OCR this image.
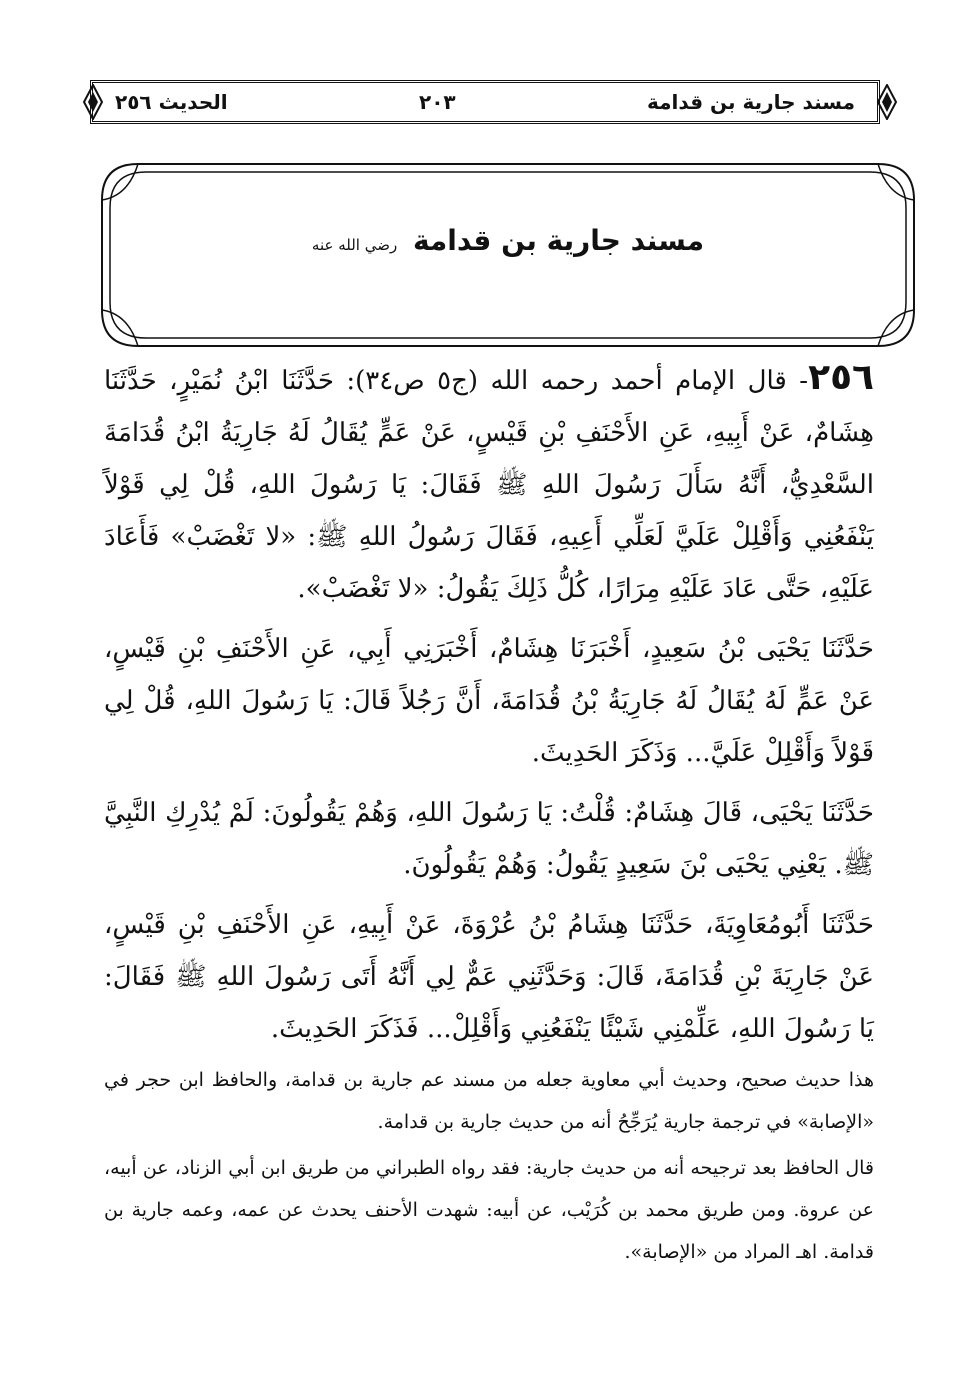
مسند جارية بن قدامة
٢٠٣
الحديث ٢٥٦
مسند جارية بن قدامة رضي الله عنه

٢٥٦- قال الإمام أحمد رحمه الله (ج٥ ص٣٤): حَدَّثَنَا ابْنُ نُمَيْرٍ، حَدَّثَنَا هِشَامٌ، عَنْ أَبِيهِ، عَنِ الأَحْنَفِ بْنِ قَيْسٍ، عَنْ عَمٍّ يُقَالُ لَهُ جَارِيَةُ ابْنُ قُدَامَةَ السَّعْدِيُّ، أَنَّهُ سَأَلَ رَسُولَ اللهِ ﷺ فَقَالَ: يَا رَسُولَ اللهِ، قُلْ لِي قَوْلاً يَنْفَعُنِي وَأَقْلِلْ عَلَيَّ لَعَلِّي أَعِيهِ، فَقَالَ رَسُولُ اللهِ ﷺ: «لا تَغْضَبْ» فَأَعَادَ عَلَيْهِ، حَتَّى عَادَ عَلَيْهِ مِرَارًا، كُلُّ ذَلِكَ يَقُولُ: «لا تَغْضَبْ».

حَدَّثَنَا يَحْيَى بْنُ سَعِيدٍ، أَخْبَرَنَا هِشَامٌ، أَخْبَرَنِي أَبِي، عَنِ الأَحْنَفِ بْنِ قَيْسٍ، عَنْ عَمٍّ لَهُ يُقَالُ لَهُ جَارِيَةُ بْنُ قُدَامَةَ، أَنَّ رَجُلاً قَالَ: يَا رَسُولَ اللهِ، قُلْ لِي قَوْلاً وَأَقْلِلْ عَلَيَّ... وَذَكَرَ الحَدِيثَ.

حَدَّثَنَا يَحْيَى، قَالَ هِشَامٌ: قُلْتُ: يَا رَسُولَ اللهِ، وَهُمْ يَقُولُونَ: لَمْ يُدْرِكِ النَّبِيَّ ﷺ. يَعْنِي يَحْيَى بْنَ سَعِيدٍ يَقُولُ: وَهُمْ يَقُولُونَ.

حَدَّثَنَا أَبُومُعَاوِيَةَ، حَدَّثَنَا هِشَامُ بْنُ عُرْوَةَ، عَنْ أَبِيهِ، عَنِ الأَحْنَفِ بْنِ قَيْسٍ، عَنْ جَارِيَةَ بْنِ قُدَامَةَ، قَالَ: وَحَدَّثَنِي عَمٌّ لِي أَنَّهُ أَتَى رَسُولَ اللهِ ﷺ فَقَالَ: يَا رَسُولَ اللهِ، عَلِّمْنِي شَيْئًا يَنْفَعُنِي وَأَقْلِلْ... فَذَكَرَ الحَدِيثَ.

هذا حديث صحيح، وحديث أبي معاوية جعله من مسند عم جارية بن قدامة، والحافظ ابن حجر في «الإصابة» في ترجمة جارية يُرَجِّحُ أنه من حديث جارية بن قدامة.

قال الحافظ بعد ترجيحه أنه من حديث جارية: فقد رواه الطبراني من طريق ابن أبي الزناد، عن أبيه، عن عروة. ومن طريق محمد بن كُرَيْب، عن أبيه: شهدت الأحنف يحدث عن عمه، وعمه جارية بن قدامة. اهـ المراد من «الإصابة».
